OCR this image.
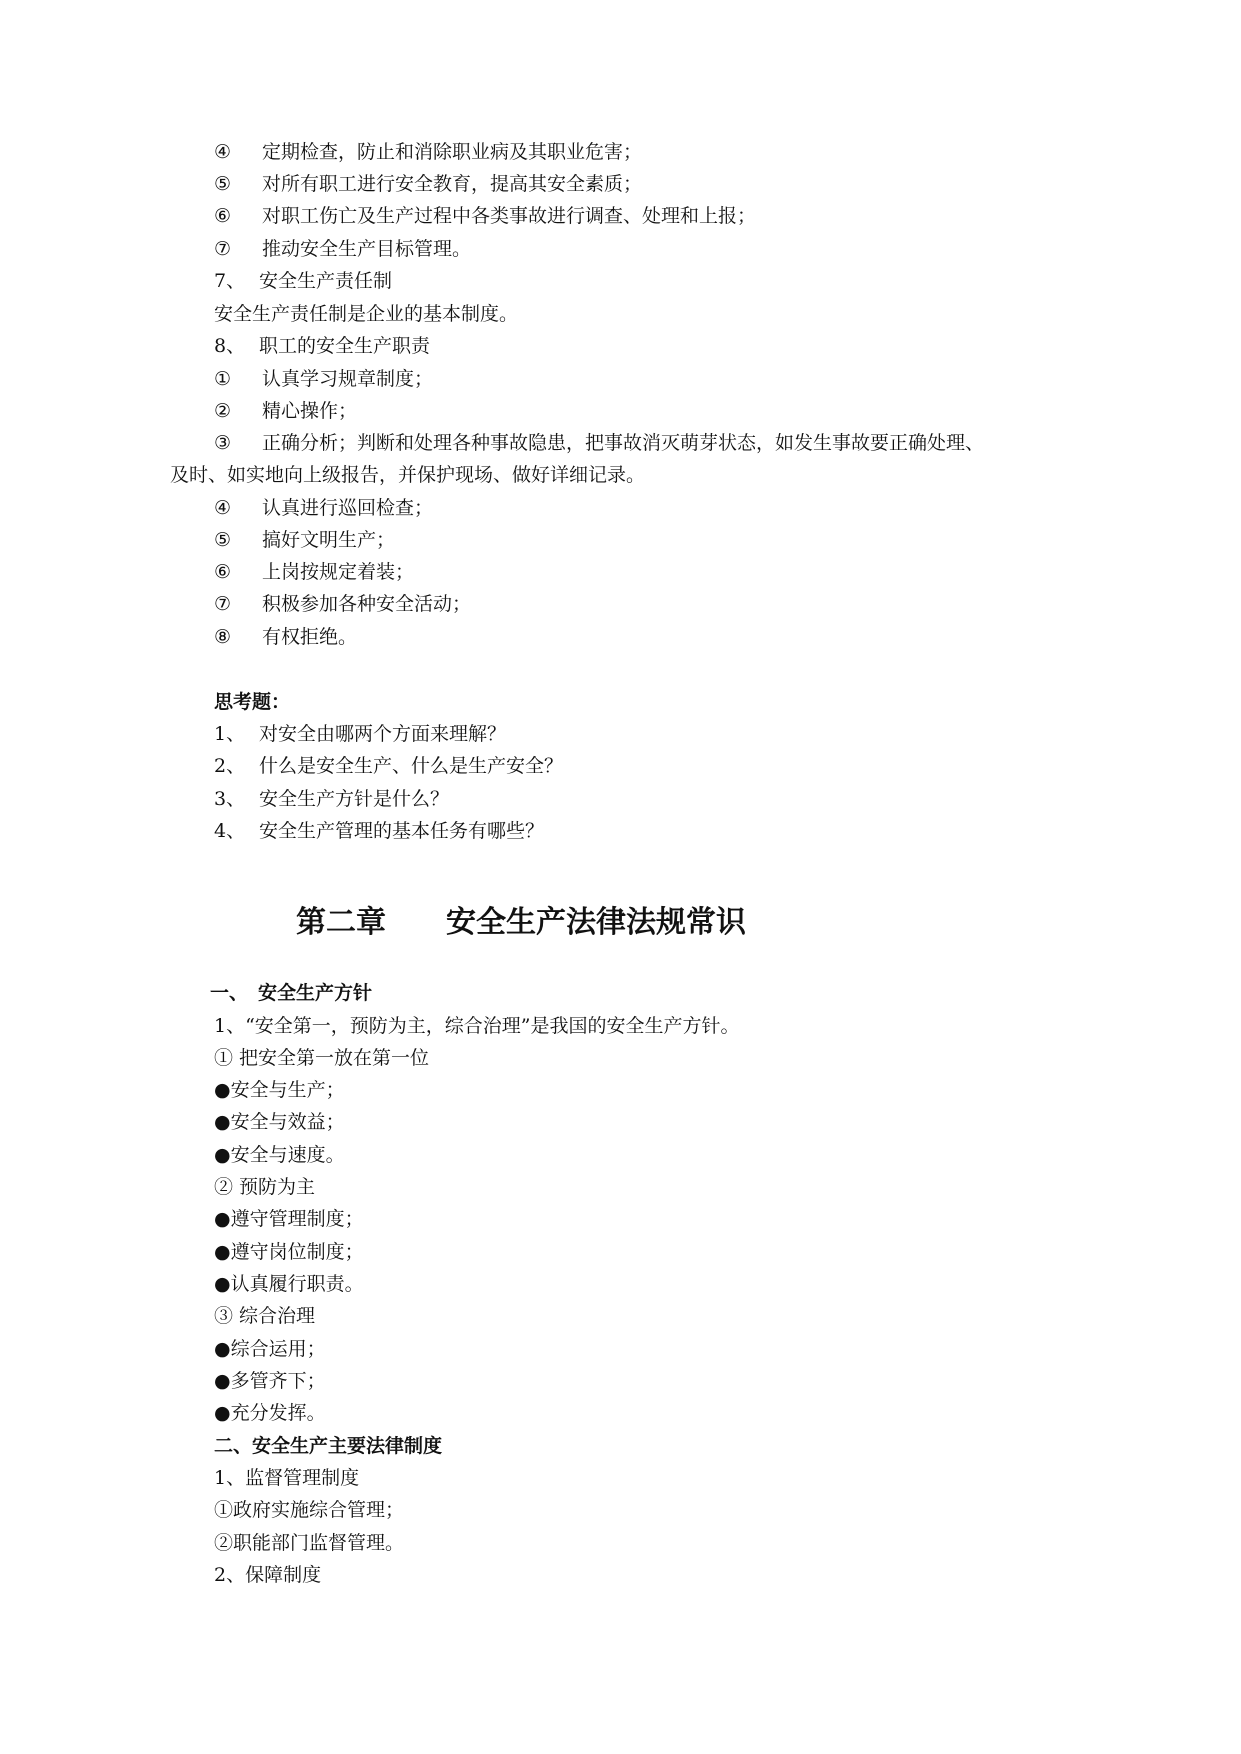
④ 定期检查，防止和消除职业病及其职业危害；
⑤ 对所有职工进行安全教育，提高其安全素质；
⑥ 对职工伤亡及生产过程中各类事故进行调查、处理和上报；
⑦ 推动安全生产目标管理。
7、 安全生产责任制
安全生产责任制是企业的基本制度。
8、 职工的安全生产职责
① 认真学习规章制度；
② 精心操作；
③ 正确分析；判断和处理各种事故隐患，把事故消灭萌芽状态，如发生事故要正确处理、
及时、如实地向上级报告，并保护现场、做好详细记录。
④ 认真进行巡回检查；
⑤ 搞好文明生产；
⑥ 上岗按规定着装；
⑦ 积极参加各种安全活动；
⑧ 有权拒绝。
思考题：
1、 对安全由哪两个方面来理解？
2、 什么是安全生产、什么是生产安全？
3、 安全生产方针是什么？
4、 安全生产管理的基本任务有哪些？
第二章 安全生产法律法规常识
一、 安全生产方针
1、“安全第一，预防为主，综合治理”是我国的安全生产方针。
① 把安全第一放在第一位
●安全与生产；
●安全与效益；
●安全与速度。
② 预防为主
●遵守管理制度；
●遵守岗位制度；
●认真履行职责。
③ 综合治理
●综合运用；
●多管齐下；
●充分发挥。
二、安全生产主要法律制度
1、监督管理制度
①政府实施综合管理；
②职能部门监督管理。
2、保障制度
